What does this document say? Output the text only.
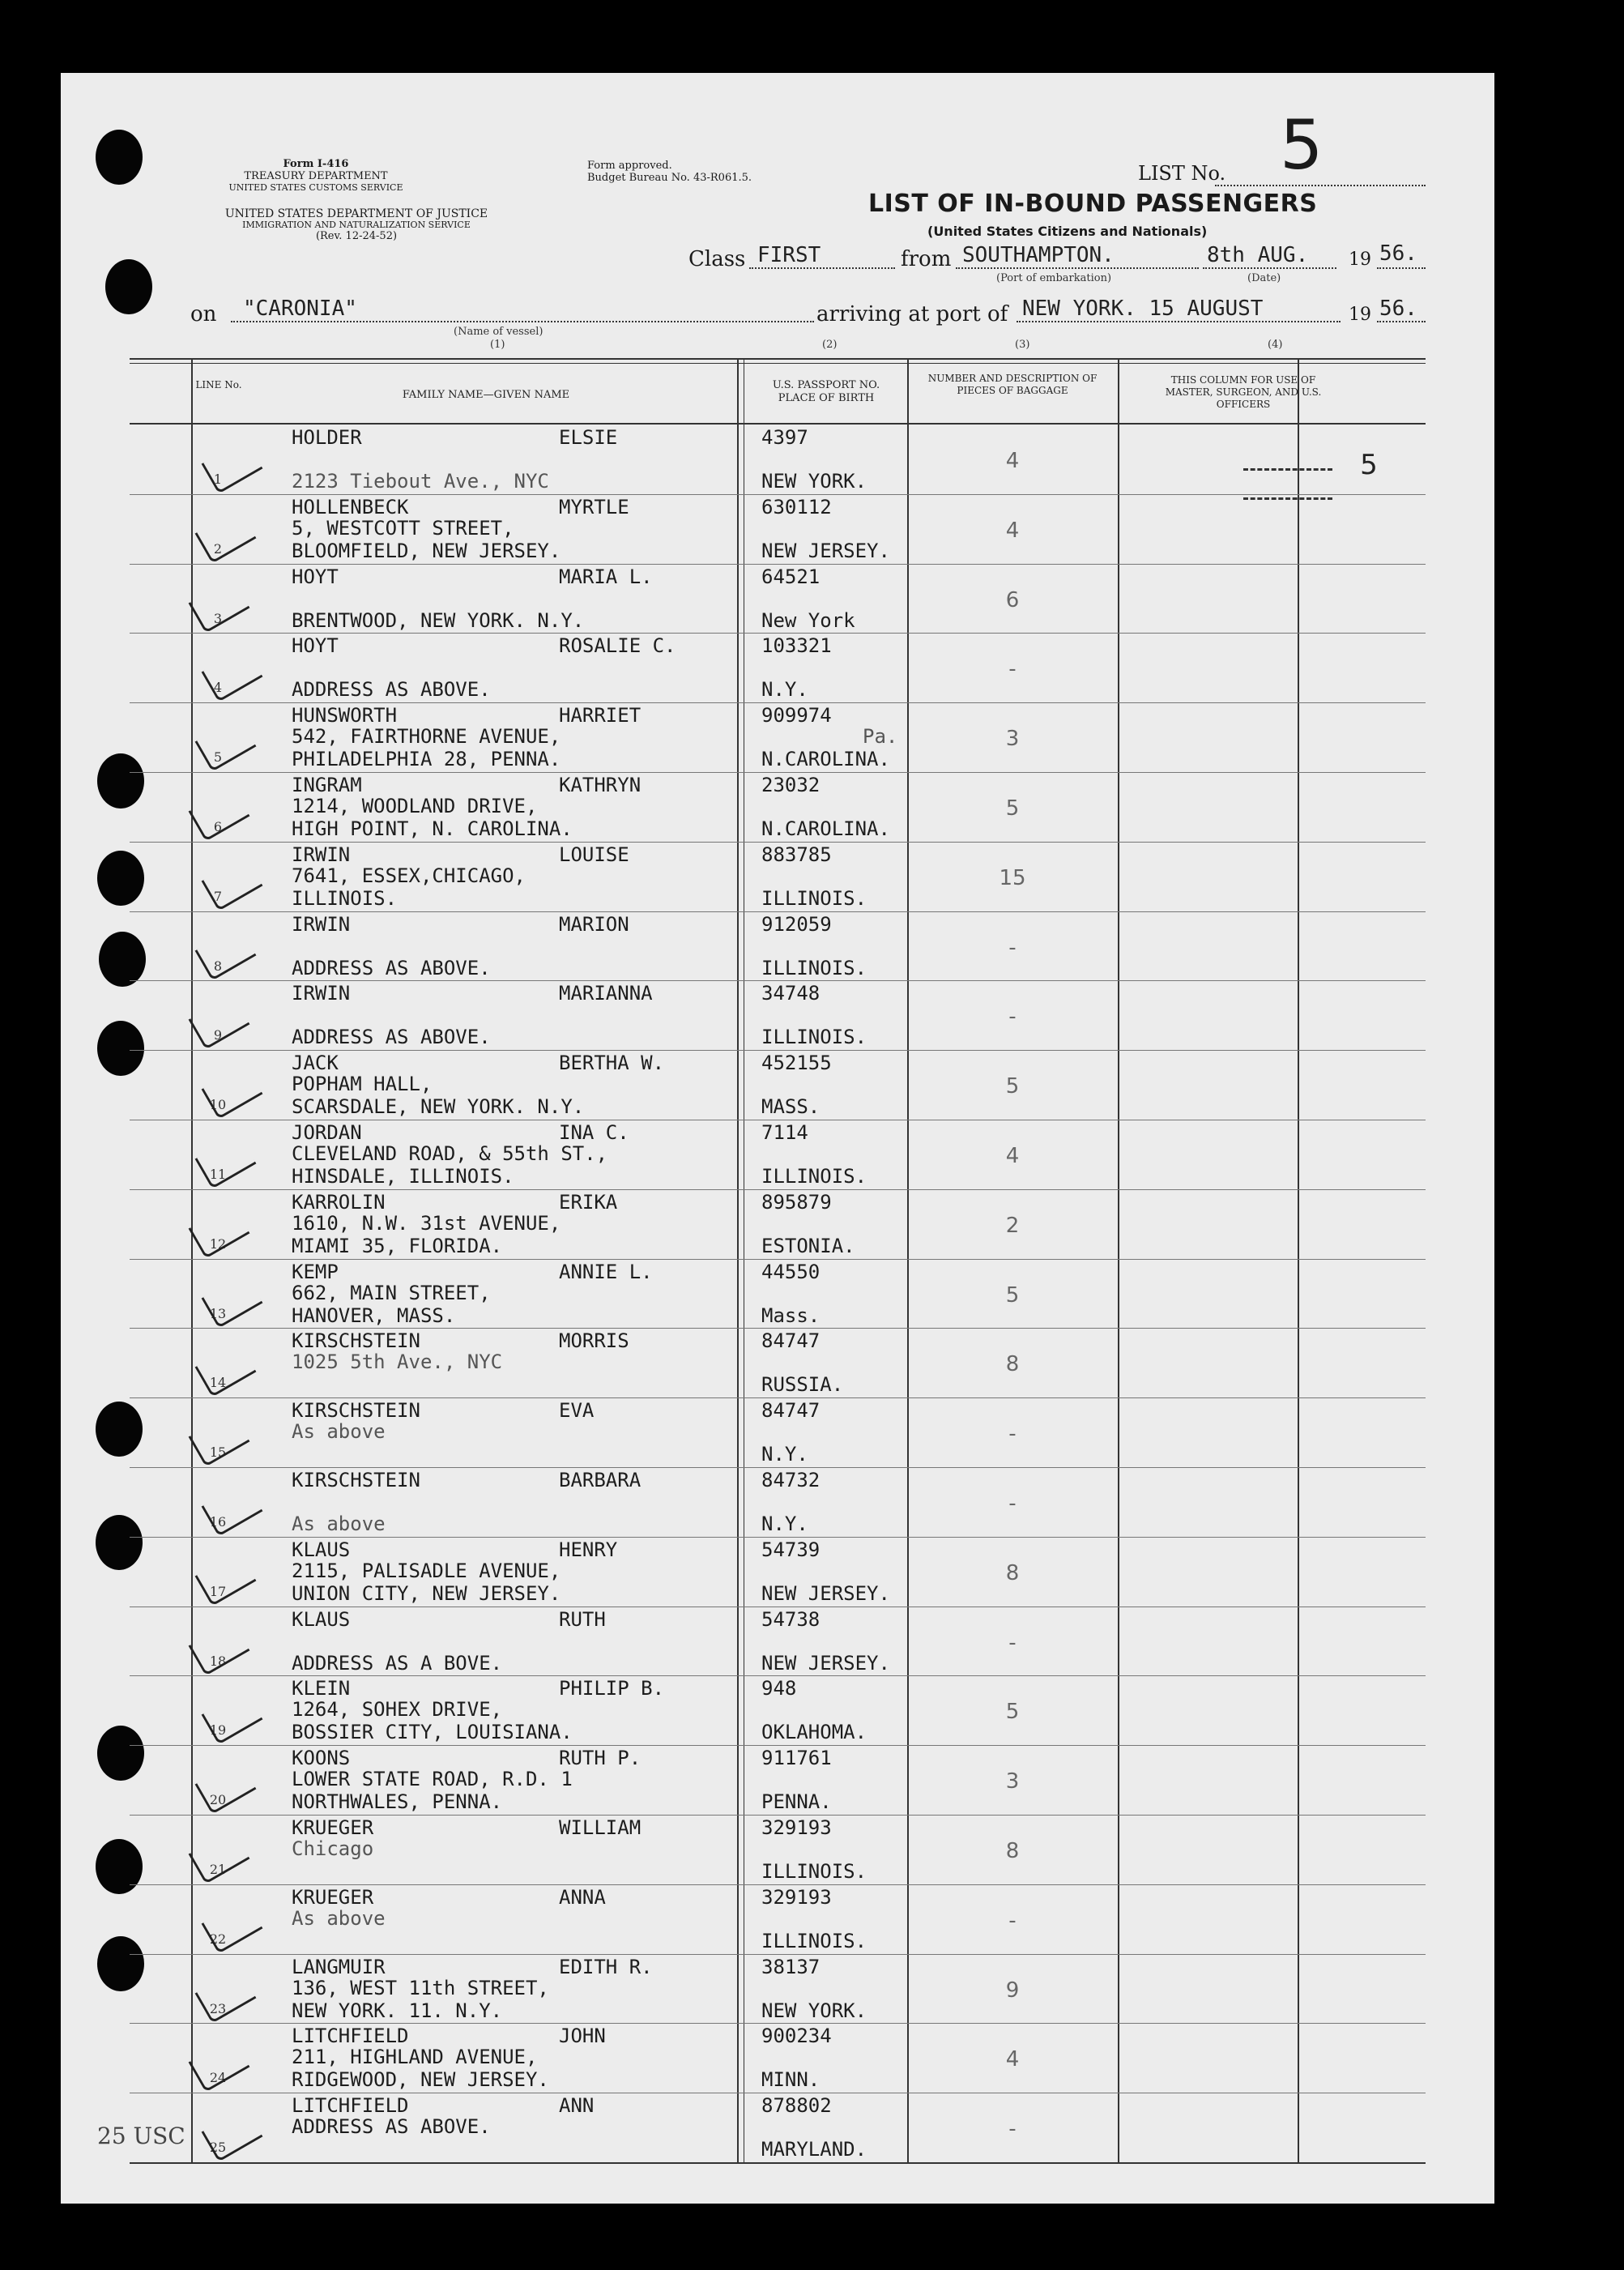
Form I-416
TREASURY DEPARTMENT
UNITED STATES CUSTOMS SERVICE
UNITED STATES DEPARTMENT OF JUSTICE
IMMIGRATION AND NATURALIZATION SERVICE
(Rev. 12-24-52)
Form approved.
Budget Bureau No. 43-R061.5.	LIST No. 5
LIST OF IN-BOUND PASSENGERS
(United States Citizens and Nationals)
Class FIRST	from SOUTHAMPTON.
(Port of embarkation)
8th AUG.
(Date)
19 56.
on "CARONIA"
(Name of vessel)
(1)
arriving at port of NEW YORK. 15 AUGUST	19 56.
(2)	(3)	(4)
LINE No.
FAMILY NAME—GIVEN NAME
U.S. PASSPORT NO. PLACE OF BIRTH
NUMBER AND DESCRIPTION OF PIECES OF BAGGAGE
THIS COLUMN FOR USE OF MASTER, SURGEON, AND U.S. OFFICERS
1
HOLDER	ELSIE
2123 Tiebout Ave., NYC
4397
NEW YORK.
4	5
2
HOLLENBECK	MYRTLE
5, WESTCOTT STREET,
BLOOMFIELD, NEW JERSEY.
630112
NEW JERSEY.
4
3
HOYT	MARIA L.
BRENTWOOD, NEW YORK. N.Y.
64521
New York
6
4
HOYT	ROSALIE C.
ADDRESS AS ABOVE.
103321
N.Y.
-
5
HUNSWORTH	HARRIET
542, FAIRTHORNE AVENUE,
PHILADELPHIA 28, PENNA.
909974
N.CAROLINA.
Pa.	3
6
INGRAM	KATHRYN
1214, WOODLAND DRIVE,
HIGH POINT, N. CAROLINA.
23032
N.CAROLINA.
5
7
IRWIN	LOUISE
7641, ESSEX,CHICAGO,
ILLINOIS.
883785
ILLINOIS.
15
8
IRWIN	MARION
ADDRESS AS ABOVE.
912059
ILLINOIS.
-
9
IRWIN	MARIANNA
ADDRESS AS ABOVE.
34748
ILLINOIS.
-
10
JACK	BERTHA W.
POPHAM HALL,
SCARSDALE, NEW YORK. N.Y.
452155
MASS.
5
11
JORDAN	INA C.
CLEVELAND ROAD, & 55th ST.,
HINSDALE, ILLINOIS.
7114
ILLINOIS.
4
12
KARROLIN	ERIKA
1610, N.W. 31st AVENUE,
MIAMI 35, FLORIDA.
895879
ESTONIA.
2
13
KEMP	ANNIE L.
662, MAIN STREET,
HANOVER, MASS.
44550
Mass.
5
14
KIRSCHSTEIN	MORRIS
1025 5th Ave., NYC
84747
RUSSIA.
8
15
KIRSCHSTEIN	EVA
As above
84747
N.Y.
-
16
KIRSCHSTEIN	BARBARA
As above
84732
N.Y.
-
17
KLAUS	HENRY
2115, PALISADLE AVENUE,
UNION CITY, NEW JERSEY.
54739
NEW JERSEY.
8
18
KLAUS	RUTH
ADDRESS AS A BOVE.
54738
NEW JERSEY.
-
19
KLEIN	PHILIP B.
1264, SOHEX DRIVE,
BOSSIER CITY, LOUISIANA.
948
OKLAHOMA.
5
20
KOONS	RUTH P.
LOWER STATE ROAD, R.D. 1
NORTHWALES, PENNA.
911761
PENNA.
3
21
KRUEGER	WILLIAM
Chicago
329193
ILLINOIS.
8
22
KRUEGER	ANNA
As above
329193
ILLINOIS.
-
23
LANGMUIR	EDITH R.
136, WEST 11th STREET,
NEW YORK. 11. N.Y.
38137
NEW YORK.
9
24
LITCHFIELD	JOHN
211, HIGHLAND AVENUE,
RIDGEWOOD, NEW JERSEY.
900234
MINN.
4
25
LITCHFIELD	ANN
ADDRESS AS ABOVE.
878802
MARYLAND.
-
25 USC
